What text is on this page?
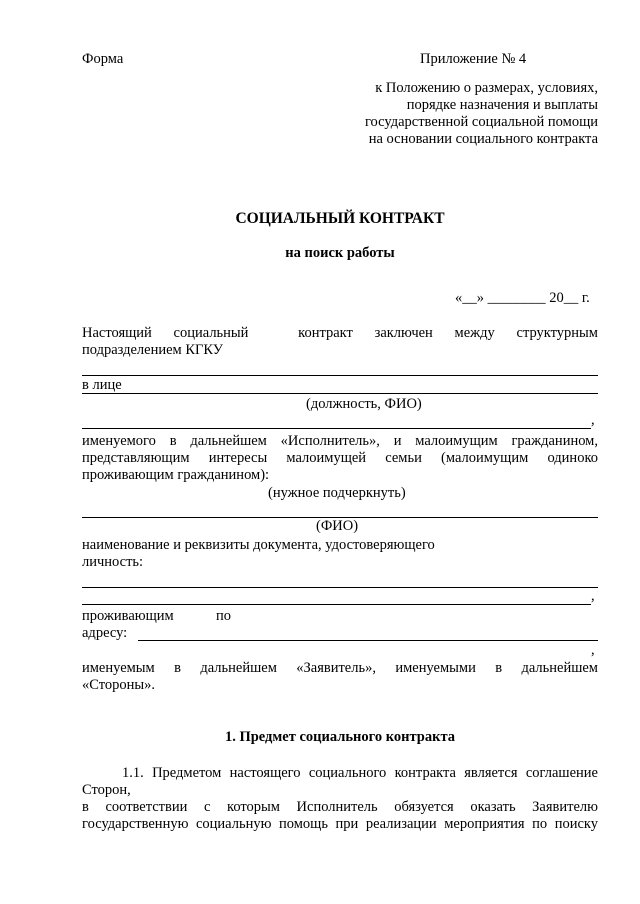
Форма	Приложение № 4
к Положению о размерах, условиях,
порядке назначения и выплаты
государственной социальной помощи
на основании социального контракта
СОЦИАЛЬНЫЙ КОНТРАКТ
на поиск работы
«__» ________ 20__ г.
Настоящий социальный	контракт заключен между структурным
подразделением КГКУ
в лице
(должность, ФИО)
,
именуемого в дальнейшем «Исполнитель», и малоимущим гражданином,
представляющим интересы малоимущей семьи (малоимущим одиноко
проживающим гражданином):
(нужное подчеркнуть)
(ФИО)
наименование и реквизиты документа, удостоверяющего
личность:
,
проживающим	по
адресу:
,
именуемым в дальнейшем «Заявитель», именуемыми в дальнейшем
«Стороны».
1. Предмет социального контракта
1.1. Предметом настоящего социального контракта является соглашение
Сторон,
в соответствии с которым Исполнитель обязуется оказать Заявителю
государственную социальную помощь при реализации мероприятия по поиску
